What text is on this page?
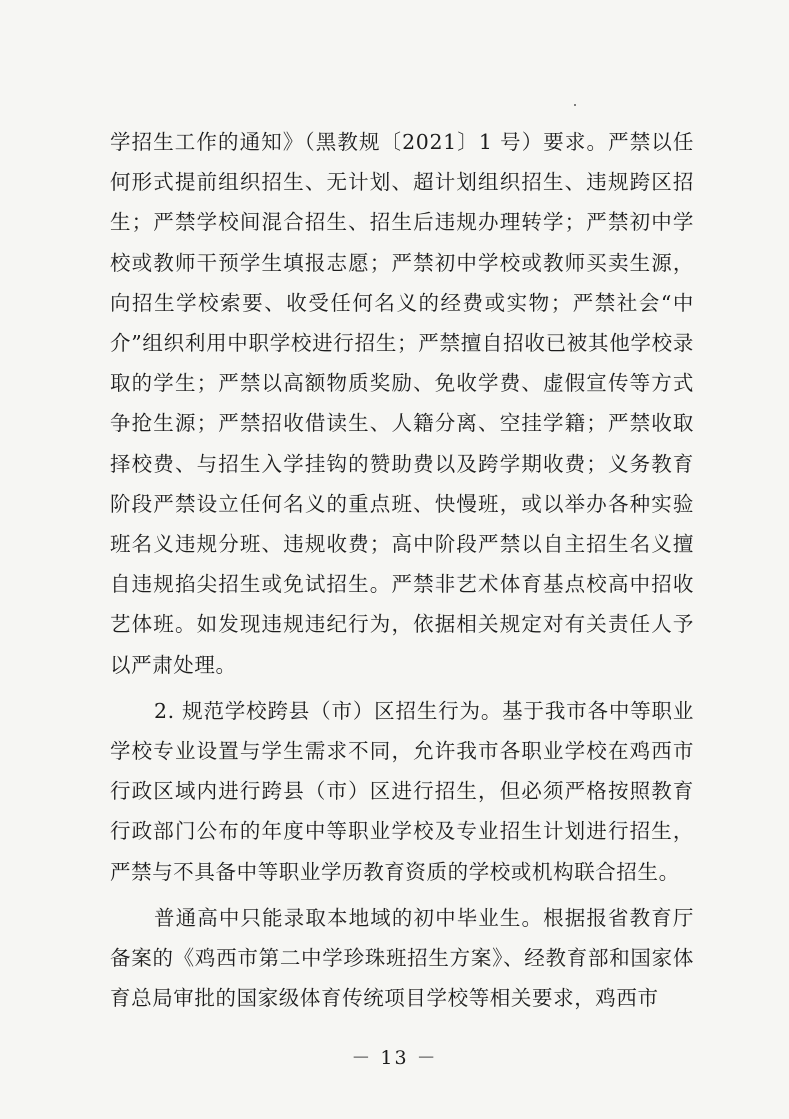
学招生工作的通知》（黑教规〔2021〕1 号）要求。严禁以任何形式提前组织招生、无计划、超计划组织招生、违规跨区招生；严禁学校间混合招生、招生后违规办理转学；严禁初中学校或教师干预学生填报志愿；严禁初中学校或教师买卖生源，向招生学校索要、收受任何名义的经费或实物；严禁社会“中介”组织利用中职学校进行招生；严禁擅自招收已被其他学校录取的学生；严禁以高额物质奖励、免收学费、虚假宣传等方式争抢生源；严禁招收借读生、人籍分离、空挂学籍；严禁收取择校费、与招生入学挂钩的赞助费以及跨学期收费；义务教育阶段严禁设立任何名义的重点班、快慢班，或以举办各种实验班名义违规分班、违规收费；高中阶段严禁以自主招生名义擅自违规掐尖招生或免试招生。严禁非艺术体育基点校高中招收艺体班。如发现违规违纪行为，依据相关规定对有关责任人予以严肃处理。

2. 规范学校跨县（市）区招生行为。基于我市各中等职业学校专业设置与学生需求不同，允许我市各职业学校在鸡西市行政区域内进行跨县（市）区进行招生，但必须严格按照教育行政部门公布的年度中等职业学校及专业招生计划进行招生，严禁与不具备中等职业学历教育资质的学校或机构联合招生。

普通高中只能录取本地域的初中毕业生。根据报省教育厅备案的《鸡西市第二中学珍珠班招生方案》、经教育部和国家体育总局审批的国家级体育传统项目学校等相关要求，鸡西市

－ 13 －
